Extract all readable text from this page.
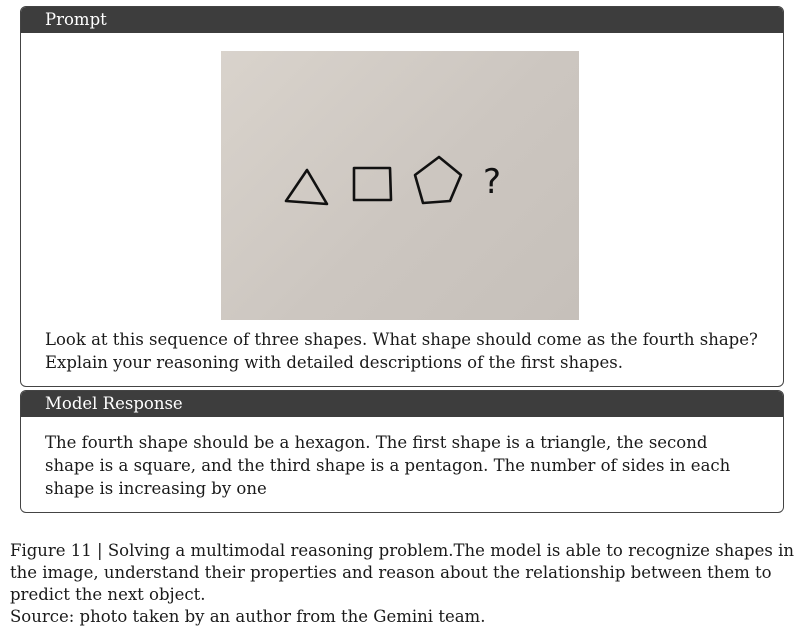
Prompt
?
Look at this sequence of three shapes. What shape should come as the fourth shape? Explain your reasoning with detailed descriptions of the first shapes.
Model Response
The fourth shape should be a hexagon. The first shape is a triangle, the second shape is a square, and the third shape is a pentagon. The number of sides in each shape is increasing by one

Figure 11 | Solving a multimodal reasoning problem.The model is able to recognize shapes in the image, understand their properties and reason about the relationship between them to predict the next object.

Source: photo taken by an author from the Gemini team.
